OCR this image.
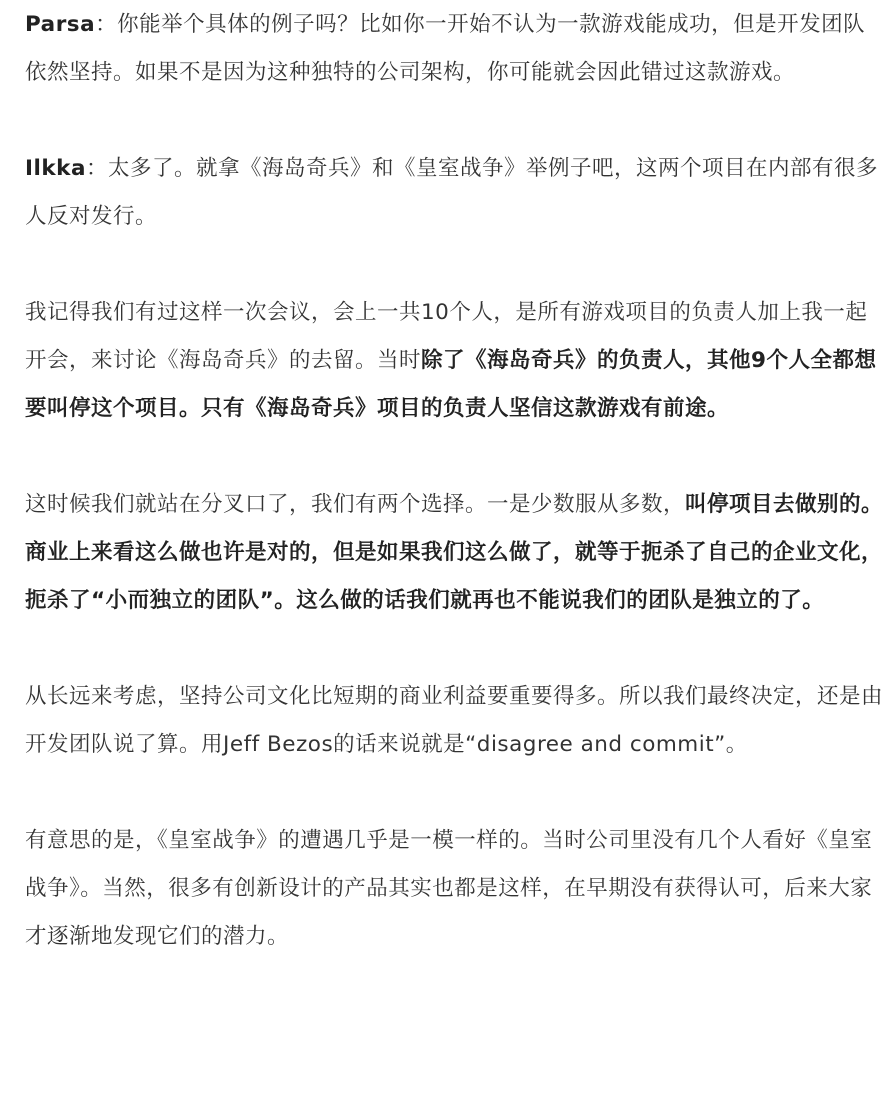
Parsa：你能举个具体的例子吗？比如你一开始不认为一款游戏能成功，但是开发团队依然坚持。如果不是因为这种独特的公司架构，你可能就会因此错过这款游戏。

Ilkka：太多了。就拿《海岛奇兵》和《皇室战争》举例子吧，这两个项目在内部有很多人反对发行。

我记得我们有过这样一次会议，会上一共10个人，是所有游戏项目的负责人加上我一起开会，来讨论《海岛奇兵》的去留。当时除了《海岛奇兵》的负责人，其他9个人全都想要叫停这个项目。只有《海岛奇兵》项目的负责人坚信这款游戏有前途。

这时候我们就站在分叉口了，我们有两个选择。一是少数服从多数，叫停项目去做别的。商业上来看这么做也许是对的，但是如果我们这么做了，就等于扼杀了自己的企业文化，扼杀了“小而独立的团队”。这么做的话我们就再也不能说我们的团队是独立的了。

从长远来考虑，坚持公司文化比短期的商业利益要重要得多。所以我们最终决定，还是由开发团队说了算。用Jeff Bezos的话来说就是“disagree and commit”。

有意思的是，《皇室战争》的遭遇几乎是一模一样的。当时公司里没有几个人看好《皇室战争》。当然，很多有创新设计的产品其实也都是这样，在早期没有获得认可，后来大家才逐渐地发现它们的潜力。
